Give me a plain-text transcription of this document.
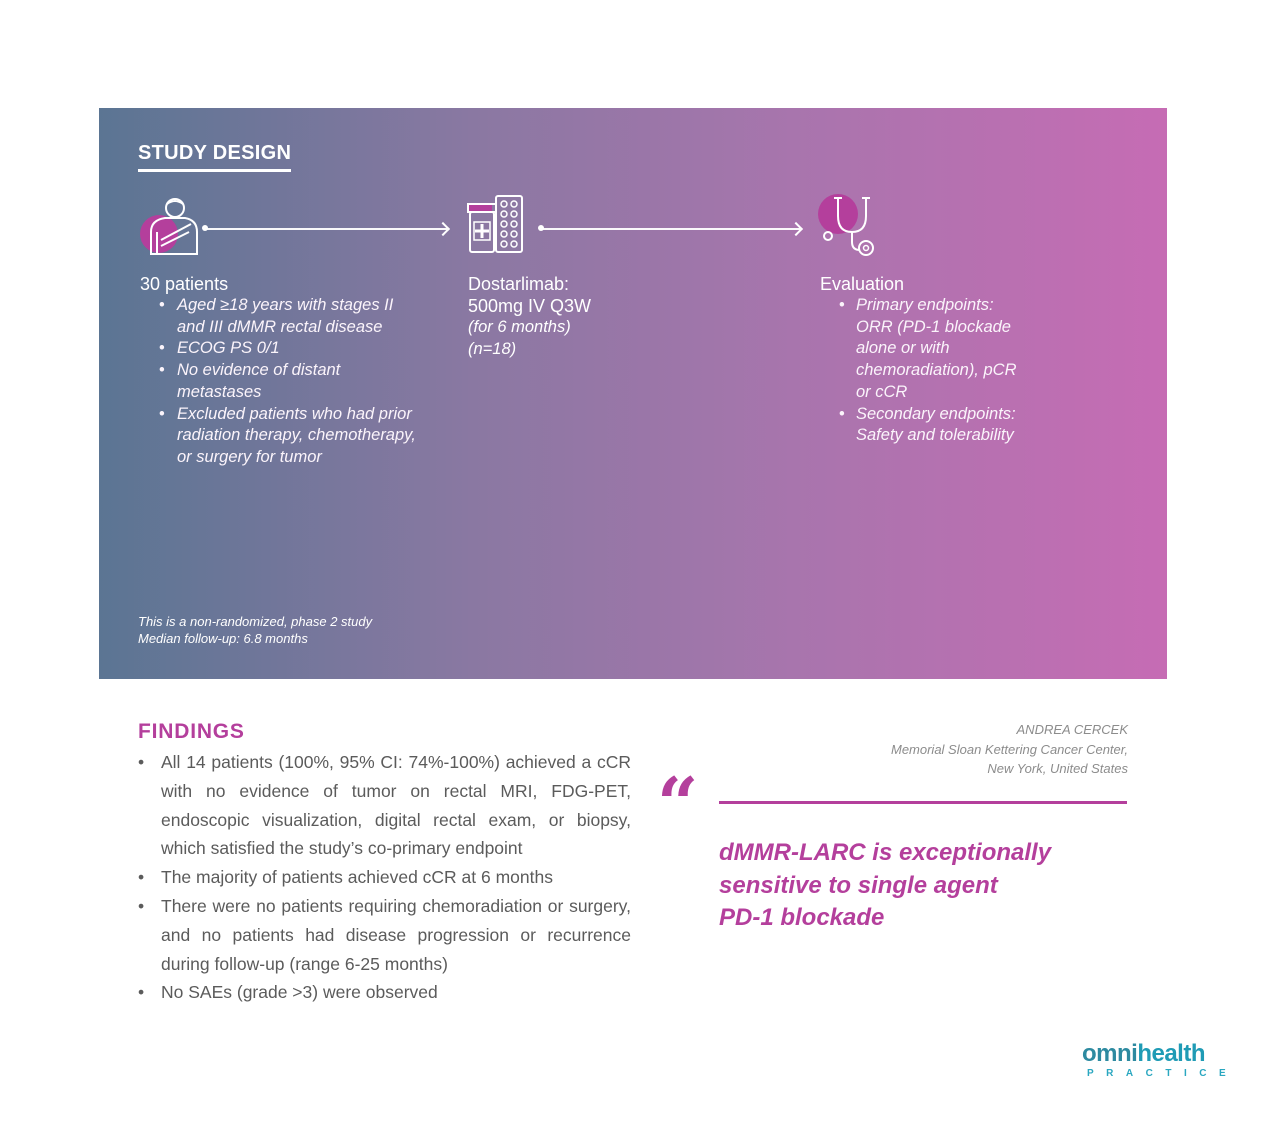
STUDY DESIGN
30 patients
• Aged ≥18 years with stages II and III dMMR rectal disease
• ECOG PS 0/1
• No evidence of distant metastases
• Excluded patients who had prior radiation therapy, chemotherapy, or surgery for tumor
Dostarlimab:
500mg IV Q3W
(for 6 months)
(n=18)
Evaluation
• Primary endpoints:
ORR (PD-1 blockade alone or with chemoradiation), pCR or cCR
• Secondary endpoints:
Safety and tolerability
This is a non-randomized, phase 2 study
Median follow-up: 6.8 months
FINDINGS
• All 14 patients (100%, 95% CI: 74%-100%) achieved a cCR with no evidence of tumor on rectal MRI, FDG-PET, endoscopic visualization, digital rectal exam, or biopsy, which satisfied the study’s co-primary endpoint
• The majority of patients achieved cCR at 6 months
• There were no patients requiring chemoradiation or surgery, and no patients had disease progression or recurrence during follow-up (range 6-25 months)
• No SAEs (grade >3) were observed
ANDREA CERCEK
Memorial Sloan Kettering Cancer Center,
New York, United States
“
dMMR-LARC is exceptionally
sensitive to single agent
PD-1 blockade
omnihealth
PRACTICE
